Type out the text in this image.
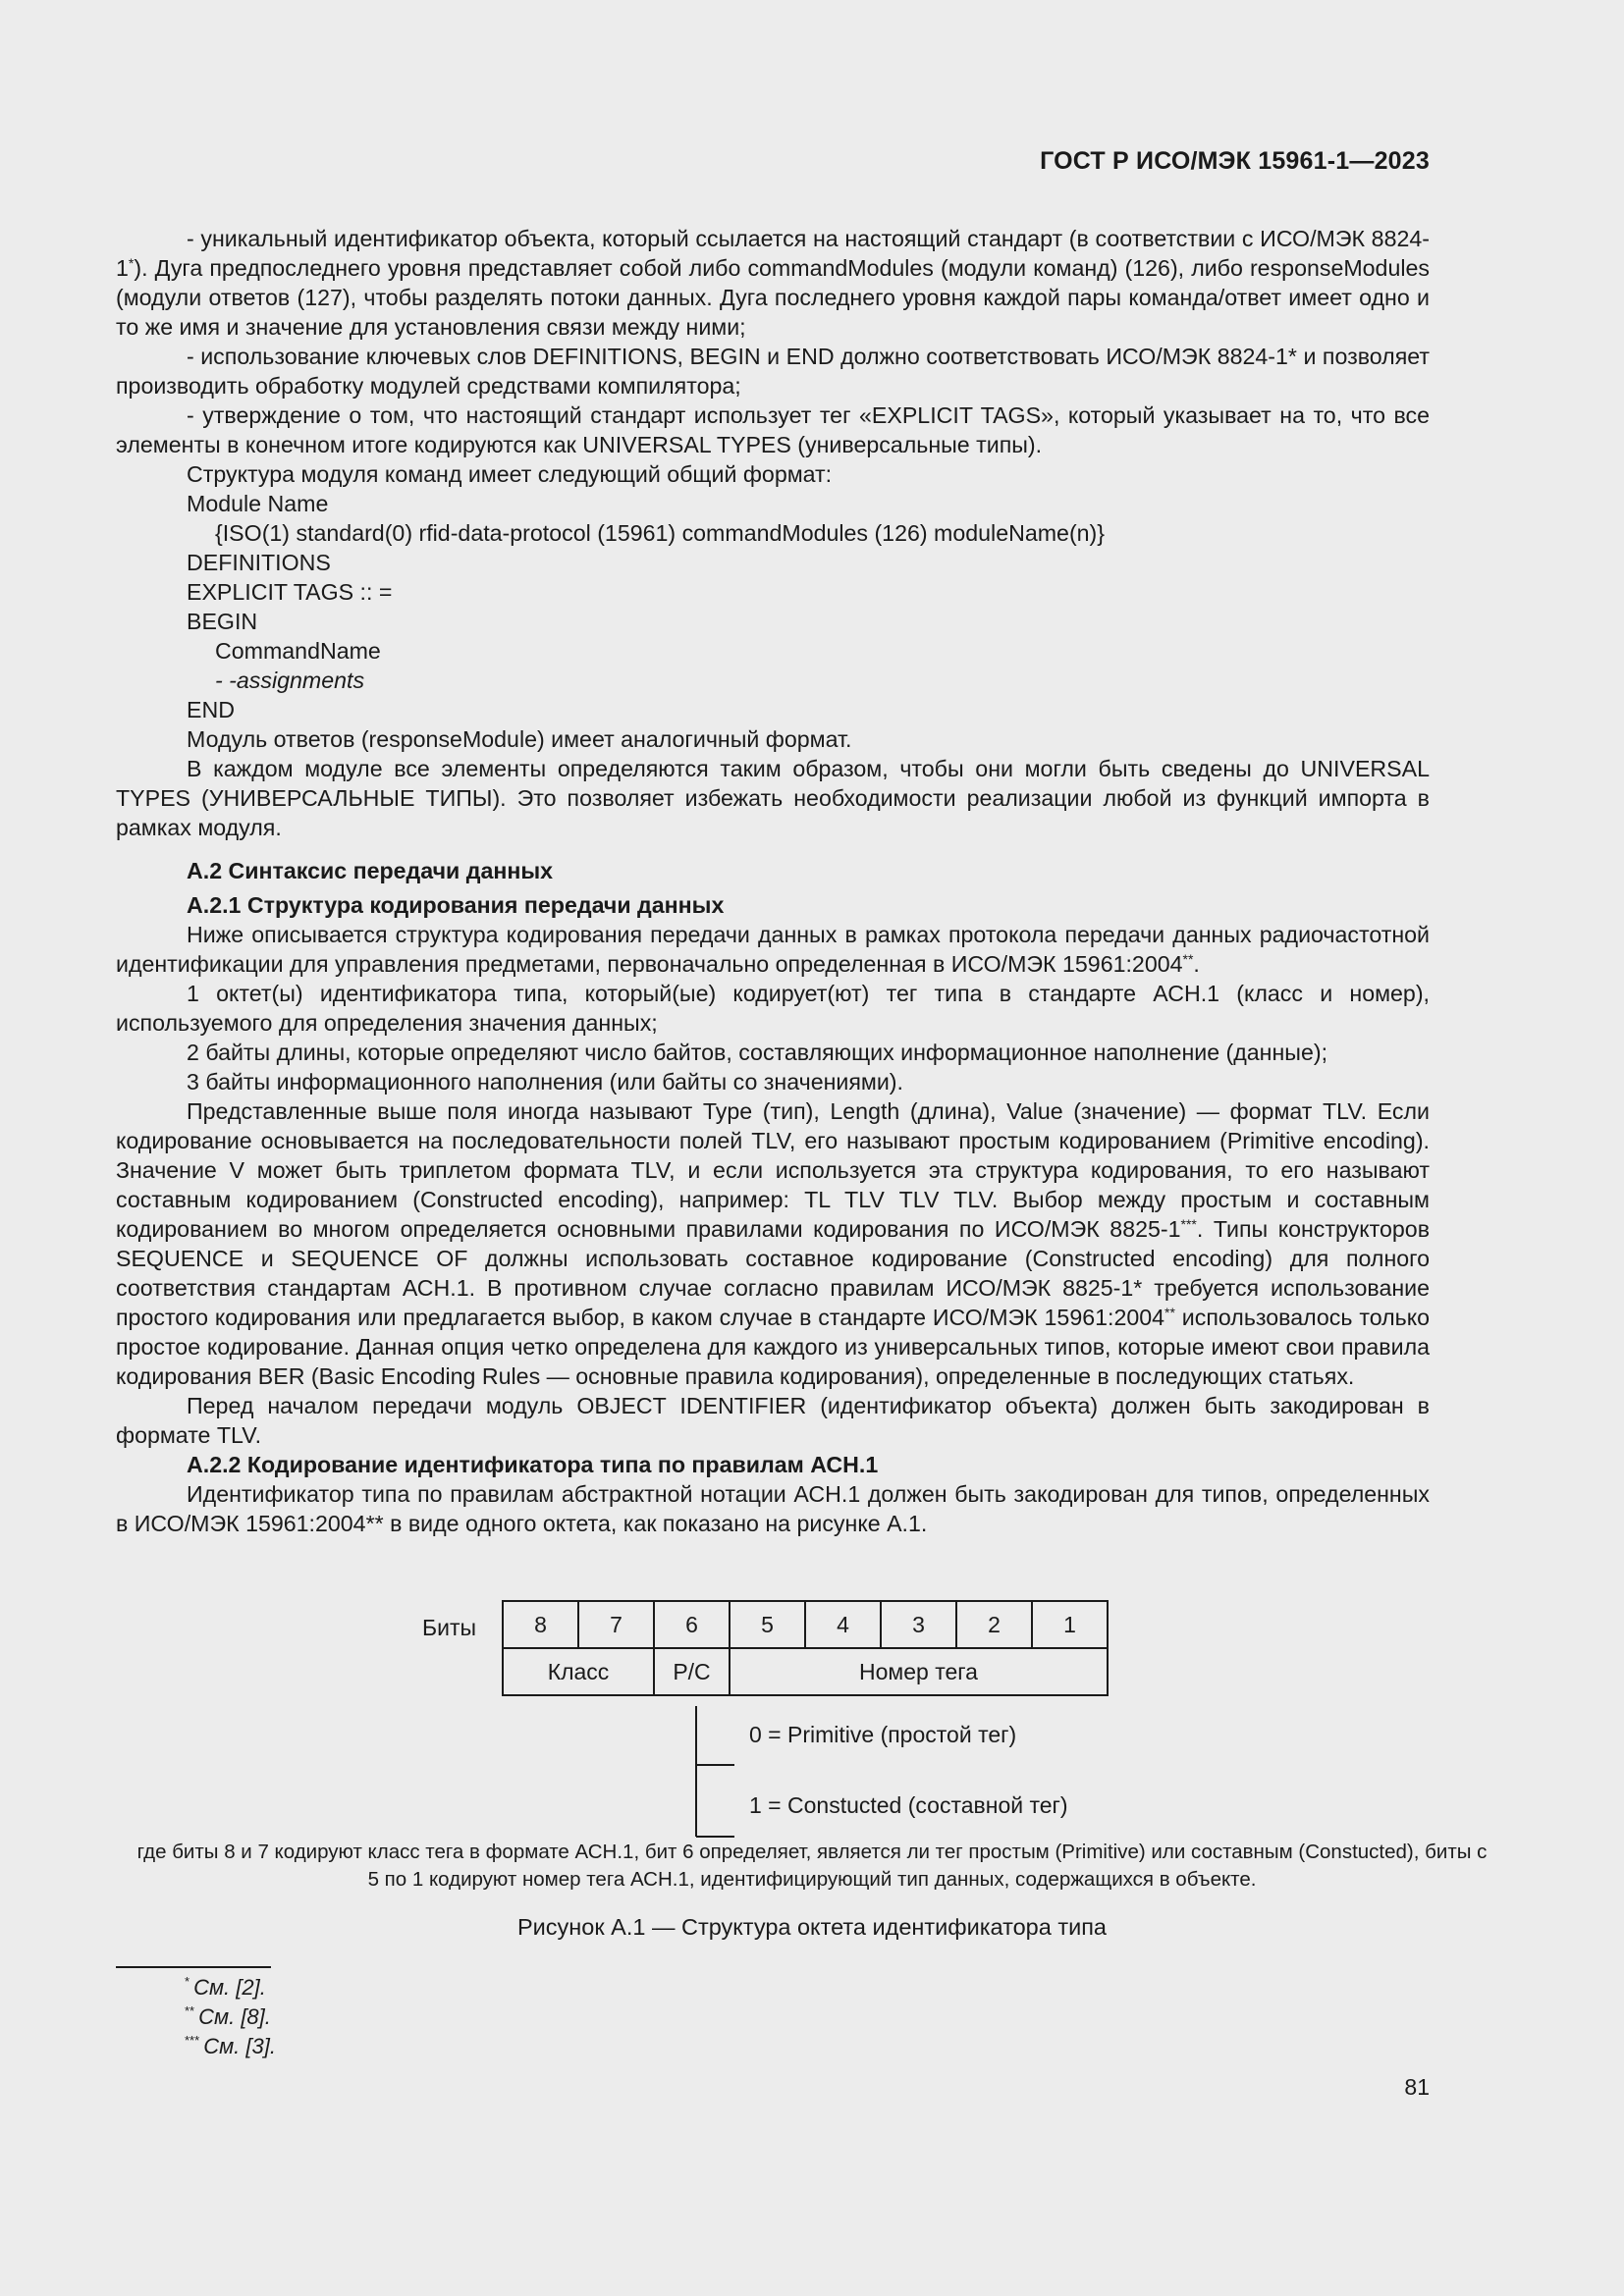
ГОСТ Р ИСО/МЭК 15961-1—2023

- уникальный идентификатор объекта, который ссылается на настоящий стандарт (в соответствии с ИСО/МЭК 8824-1*). Дуга предпоследнего уровня представляет собой либо commandModules (модули команд) (126), либо responseModules (модули ответов (127), чтобы разделять потоки данных. Дуга последнего уровня каждой пары команда/ответ имеет одно и то же имя и значение для установления связи между ними;

- использование ключевых слов DEFINITIONS, BEGIN и END должно соответствовать ИСО/МЭК 8824-1* и позволяет производить обработку модулей средствами компилятора;

- утверждение о том, что настоящий стандарт использует тег «EXPLICIT TAGS», который указывает на то, что все элементы в конечном итоге кодируются как UNIVERSAL TYPES (универсальные типы).

Структура модуля команд имеет следующий общий формат:

Module Name

{ISO(1) standard(0) rfid-data-protocol (15961) commandModules (126) moduleName(n)}

DEFINITIONS

EXPLICIT TAGS :: =

BEGIN

CommandName

- -assignments

END

Модуль ответов (responseModule) имеет аналогичный формат.

В каждом модуле все элементы определяются таким образом, чтобы они могли быть сведены до UNIVERSAL TYPES (УНИВЕРСАЛЬНЫЕ ТИПЫ). Это позволяет избежать необходимости реализации любой из функций импорта в рамках модуля.

А.2 Синтаксис передачи данных

А.2.1 Структура кодирования передачи данных

Ниже описывается структура кодирования передачи данных в рамках протокола передачи данных радиочастотной идентификации для управления предметами, первоначально определенная в ИСО/МЭК 15961:2004**.

1 октет(ы) идентификатора типа, который(ые) кодирует(ют) тег типа в стандарте АСН.1 (класс и номер), используемого для определения значения данных;

2 байты длины, которые определяют число байтов, составляющих информационное наполнение (данные);

3 байты информационного наполнения (или байты со значениями).

Представленные выше поля иногда называют Type (тип), Length (длина), Value (значение) — формат TLV. Если кодирование основывается на последовательности полей TLV, его называют простым кодированием (Primitive encoding). Значение V может быть триплетом формата TLV, и если используется эта структура кодирования, то его называют составным кодированием (Constructed encoding), например: TL TLV TLV TLV. Выбор между простым и составным кодированием во многом определяется основными правилами кодирования по ИСО/МЭК 8825-1***. Типы конструкторов SEQUENCE и SEQUENCE OF должны использовать составное кодирование (Constructed encoding) для полного соответствия стандартам АСН.1. В противном случае согласно правилам ИСО/МЭК 8825-1* требуется использование простого кодирования или предлагается выбор, в каком случае в стандарте ИСО/МЭК 15961:2004** использовалось только простое кодирование. Данная опция четко определена для каждого из универсальных типов, которые имеют свои правила кодирования BER (Basic Encoding Rules — основные правила кодирования), определенные в последующих статьях.

Перед началом передачи модуль OBJECT IDENTIFIER (идентификатор объекта) должен быть закодирован в формате TLV.

А.2.2 Кодирование идентификатора типа по правилам АСН.1

Идентификатор типа по правилам абстрактной нотации АСН.1 должен быть закодирован для типов, определенных в ИСО/МЭК 15961:2004** в виде одного октета, как показано на рисунке А.1.

Биты	8	7	6	5	4	3	2	1
Класс		P/C	Номер тега				
0 = Primitive (простой тег)
1 = Constucted (составной тег)
где биты 8 и 7 кодируют класс тега в формате АСН.1, бит 6 определяет, является ли тег простым (Primitive) или составным (Constucted), биты с 5 по 1 кодируют номер тега АСН.1, идентифицирующий тип данных, содержащихся в объекте.
Рисунок А.1 — Структура октета идентификатора типа
* См. [2].
** См. [8].
*** См. [3].
81
